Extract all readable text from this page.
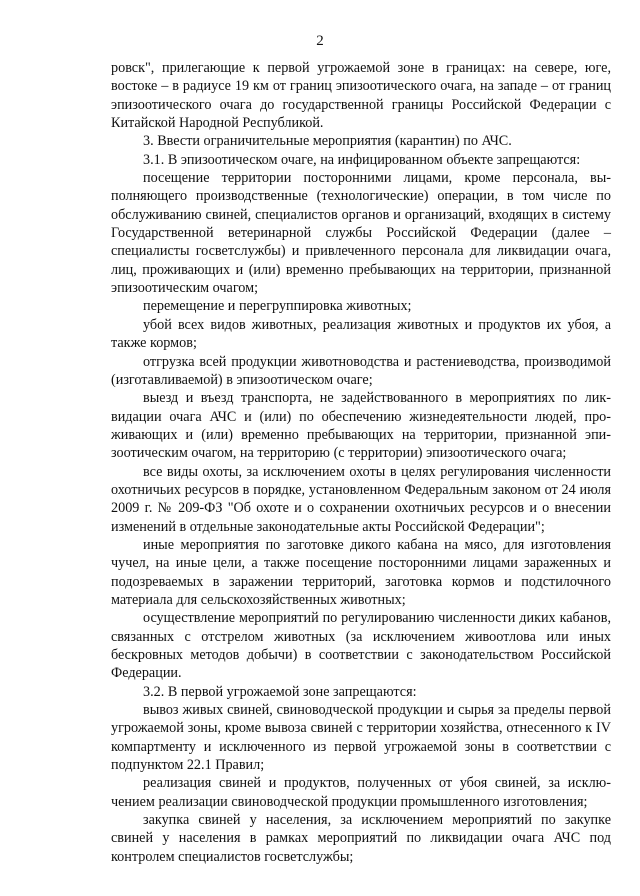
2

ровск", прилегающие к первой угрожаемой зоне в границах: на севере, юге, востоке – в радиусе 19 км от границ эпизоотического очага, на западе – от границ эпизоотического очага до государственной границы Российской Федерации с Китайской Народной Республикой.

3. Ввести ограничительные мероприятия (карантин) по АЧС.

3.1. В эпизоотическом очаге, на инфицированном объекте запрещаются:

посещение территории посторонними лицами, кроме персонала, выполняющего производственные (технологические) операции, в том числе по обслуживанию свиней, специалистов органов и организаций, входящих в систему Государственной ветеринарной службы Российской Федерации (далее – специалисты госветслужбы) и привлеченного персонала для ликвидации очага, лиц, проживающих и (или) временно пребывающих на территории, признанной эпизоотическим очагом;

перемещение и перегруппировка животных;

убой всех видов животных, реализация животных и продуктов их убоя, а также кормов;

отгрузка всей продукции животноводства и растениеводства, производимой (изготавливаемой) в эпизоотическом очаге;

выезд и въезд транспорта, не задействованного в мероприятиях по ликвидации очага АЧС и (или) по обеспечению жизнедеятельности людей, проживающих и (или) временно пребывающих на территории, признанной эпизоотическим очагом, на территорию (с территории) эпизоотического очага;

все виды охоты, за исключением охоты в целях регулирования численности охотничьих ресурсов в порядке, установленном Федеральным законом от 24 июля 2009 г. № 209-ФЗ "Об охоте и о сохранении охотничьих ресурсов и о внесении изменений в отдельные законодательные акты Российской Федерации";

иные мероприятия по заготовке дикого кабана на мясо, для изготовления чучел, на иные цели, а также посещение посторонними лицами зараженных и подозреваемых в заражении территорий, заготовка кормов и подстилочного материала для сельскохозяйственных животных;

осуществление мероприятий по регулированию численности диких кабанов, связанных с отстрелом животных (за исключением живоотлова или иных бескровных методов добычи) в соответствии с законодательством Российской Федерации.

3.2. В первой угрожаемой зоне запрещаются:

вывоз живых свиней, свиноводческой продукции и сырья за пределы первой угрожаемой зоны, кроме вывоза свиней с территории хозяйства, отнесенного к IV компартменту и исключенного из первой угрожаемой зоны в соответствии с подпунктом 22.1 Правил;

реализация свиней и продуктов, полученных от убоя свиней, за исключением реализации свиноводческой продукции промышленного изготовления;

закупка свиней у населения, за исключением мероприятий по закупке свиней у населения в рамках мероприятий по ликвидации очага АЧС под контролем специалистов госветслужбы;
